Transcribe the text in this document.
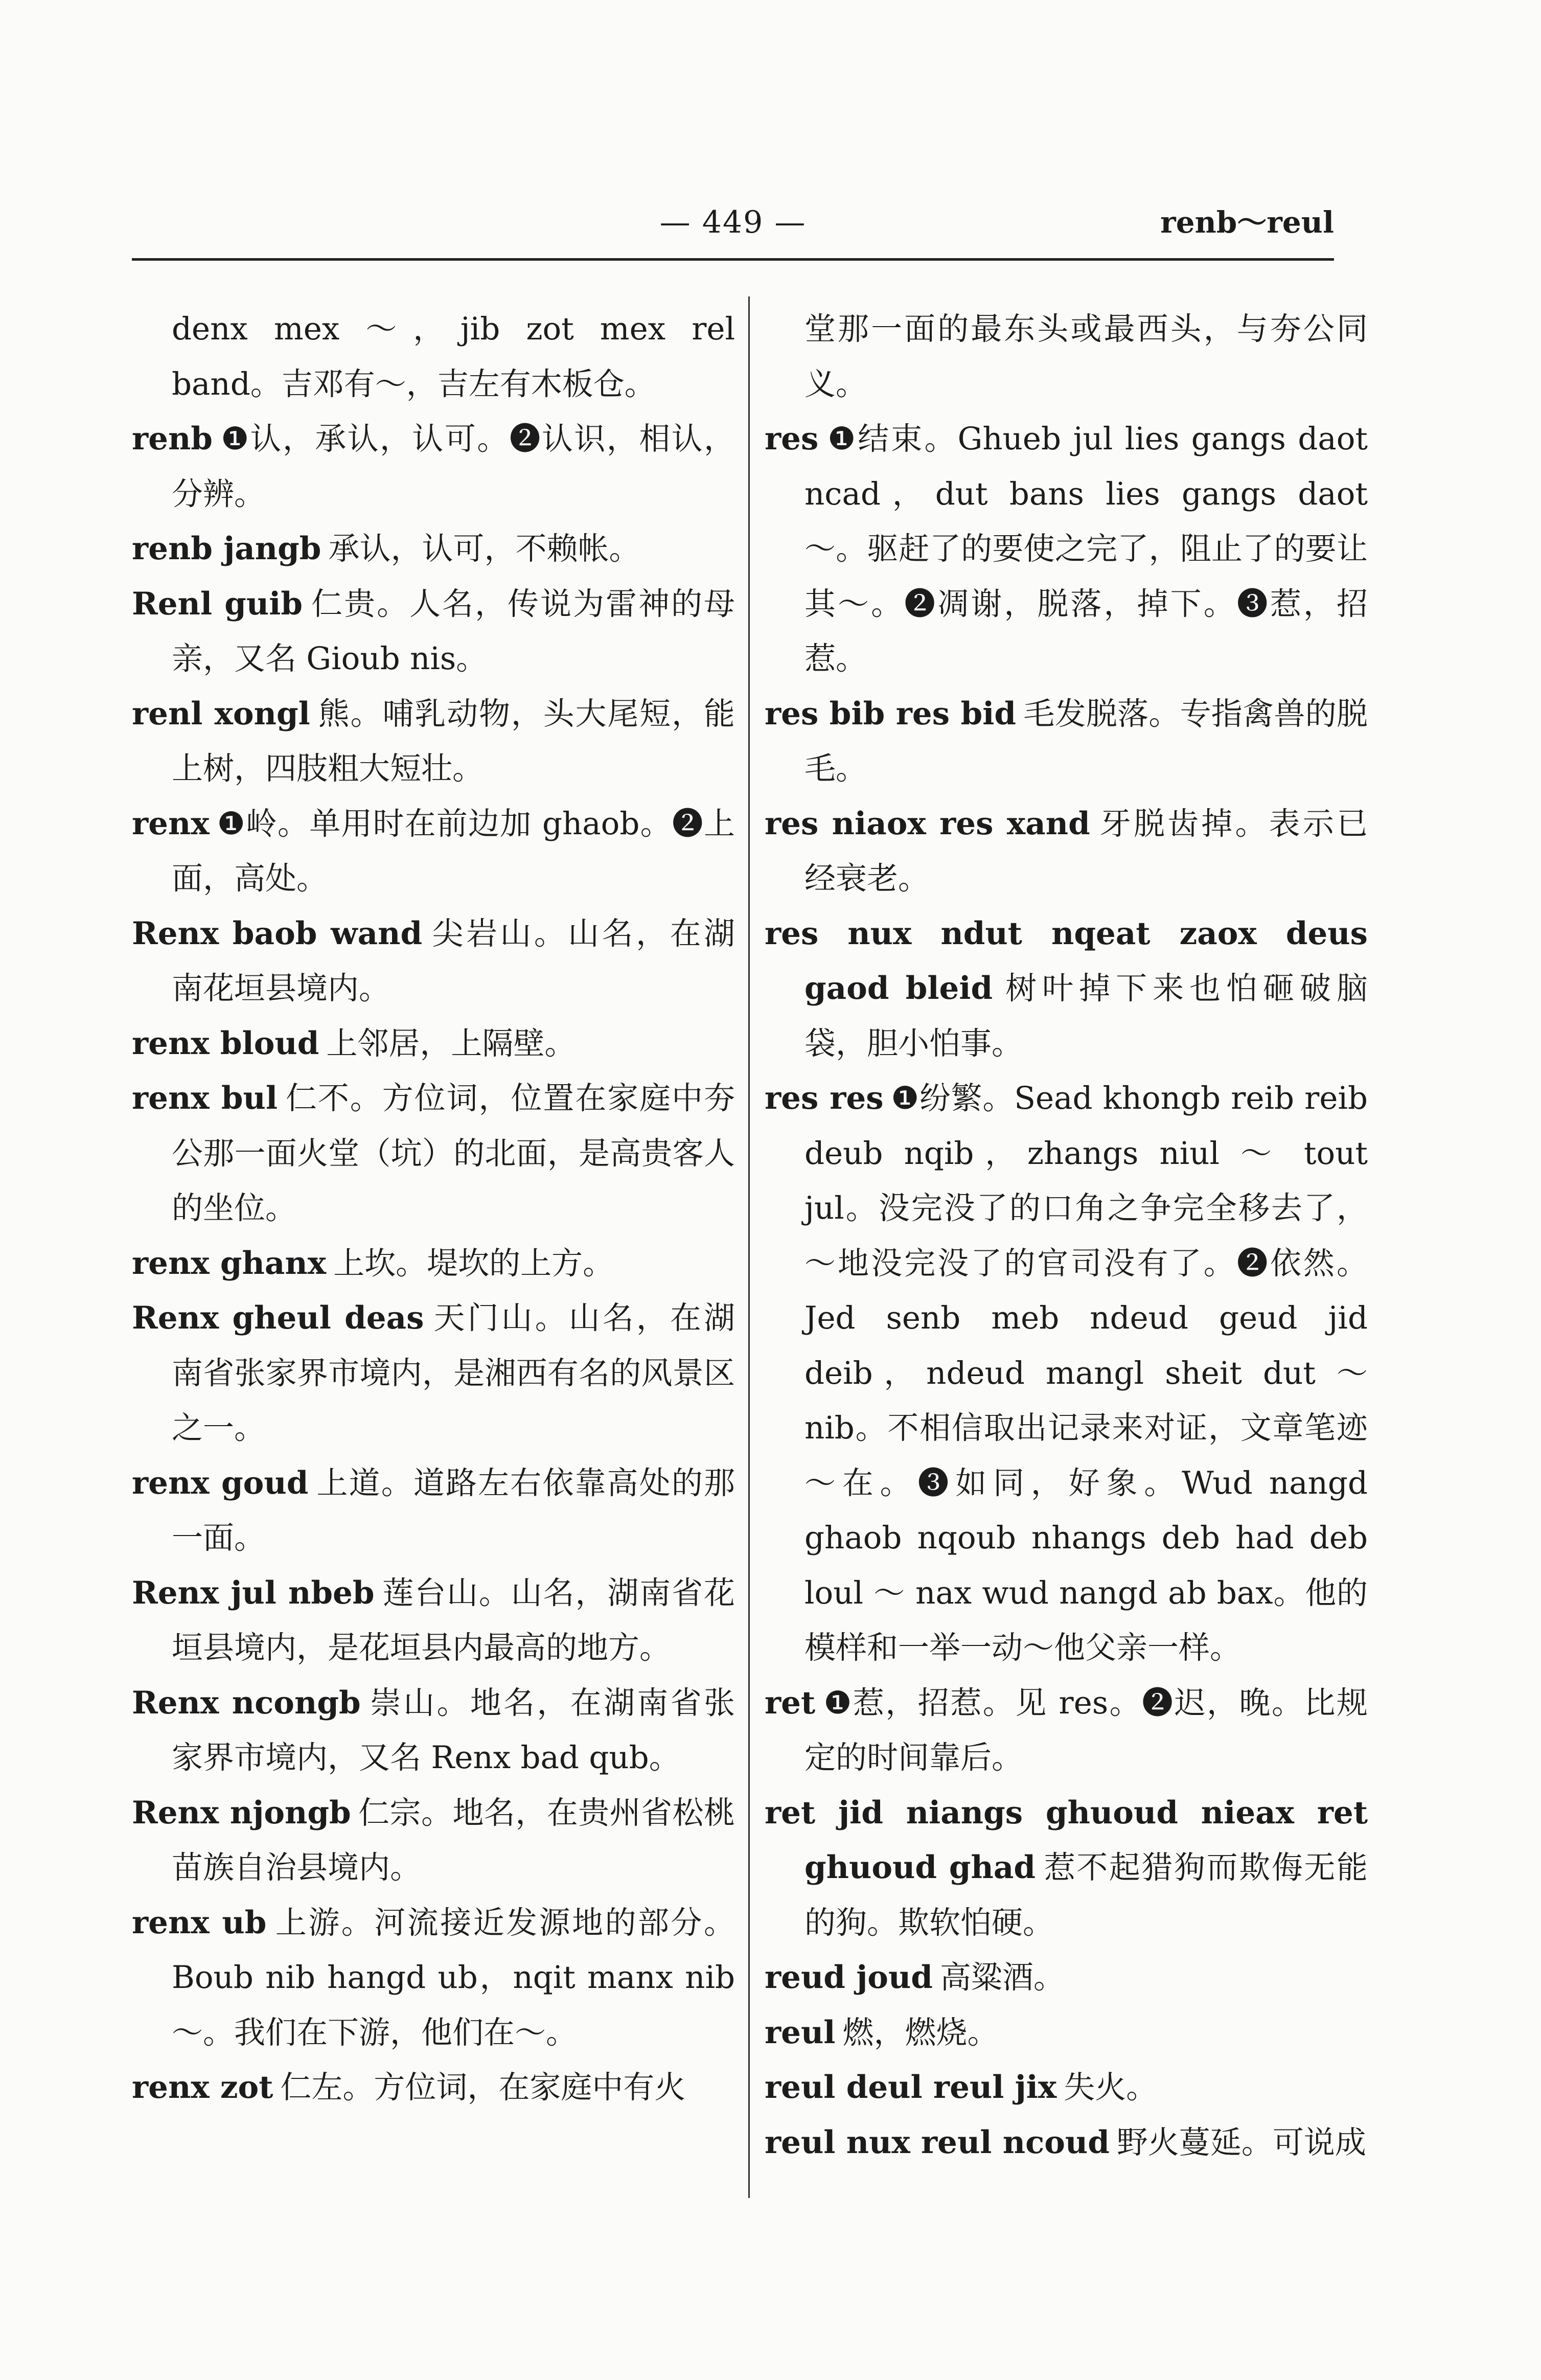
— 449 —	renb～reul

denx mex ～，jib zot mex rel band。吉邓有～，吉左有木板仓。

renb ❶认，承认，认可。❷认识，相认，分辨。

renb jangb 承认，认可，不赖帐。

Renl guib 仁贵。人名，传说为雷神的母亲，又名 Gioub nis。

renl xongl 熊。哺乳动物，头大尾短，能上树，四肢粗大短壮。

renx ❶岭。单用时在前边加 ghaob。❷上面，高处。

Renx baob wand 尖岩山。山名，在湖南花垣县境内。

renx bloud 上邻居，上隔壁。

renx bul 仁不。方位词，位置在家庭中夯公那一面火堂（坑）的北面，是高贵客人的坐位。

renx ghanx 上坎。堤坎的上方。

Renx gheul deas 天门山。山名，在湖南省张家界市境内，是湘西有名的风景区之一。

renx goud 上道。道路左右依靠高处的那一面。

Renx jul nbeb 莲台山。山名，湖南省花垣县境内，是花垣县内最高的地方。

Renx ncongb 崇山。地名，在湖南省张家界市境内，又名 Renx bad qub。

Renx njongb 仁宗。地名，在贵州省松桃苗族自治县境内。

renx ub 上游。河流接近发源地的部分。Boub nib hangd ub，nqit manx nib ～。我们在下游，他们在～。

renx zot 仁左。方位词，在家庭中有火

堂那一面的最东头或最西头，与夯公同义。

res ❶结束。Ghueb jul lies gangs daot ncad，dut bans lies gangs daot ～。驱赶了的要使之完了，阻止了的要让其～。❷凋谢，脱落，掉下。❸惹，招惹。

res bib res bid 毛发脱落。专指禽兽的脱毛。

res niaox res xand 牙脱齿掉。表示已经衰老。

res nux ndut nqeat zaox deus gaod bleid 树叶掉下来也怕砸破脑袋，胆小怕事。

res res ❶纷繁。Sead khongb reib reib deub nqib，zhangs niul ～ tout jul。没完没了的口角之争完全移去了，～地没完没了的官司没有了。❷依然。Jed senb meb ndeud geud jid deib，ndeud mangl sheit dut ～ nib。不相信取出记录来对证，文章笔迹～在。❸如同，好象。Wud nangd ghaob nqoub nhangs deb had deb loul ～ nax wud nangd ab bax。他的模样和一举一动～他父亲一样。

ret ❶惹，招惹。见 res。❷迟，晚。比规定的时间靠后。

ret jid niangs ghuoud nieax ret ghuoud ghad 惹不起猎狗而欺侮无能的狗。欺软怕硬。

reud joud 高粱酒。

reul 燃，燃烧。

reul deul reul jix 失火。

reul nux reul ncoud 野火蔓延。可说成
